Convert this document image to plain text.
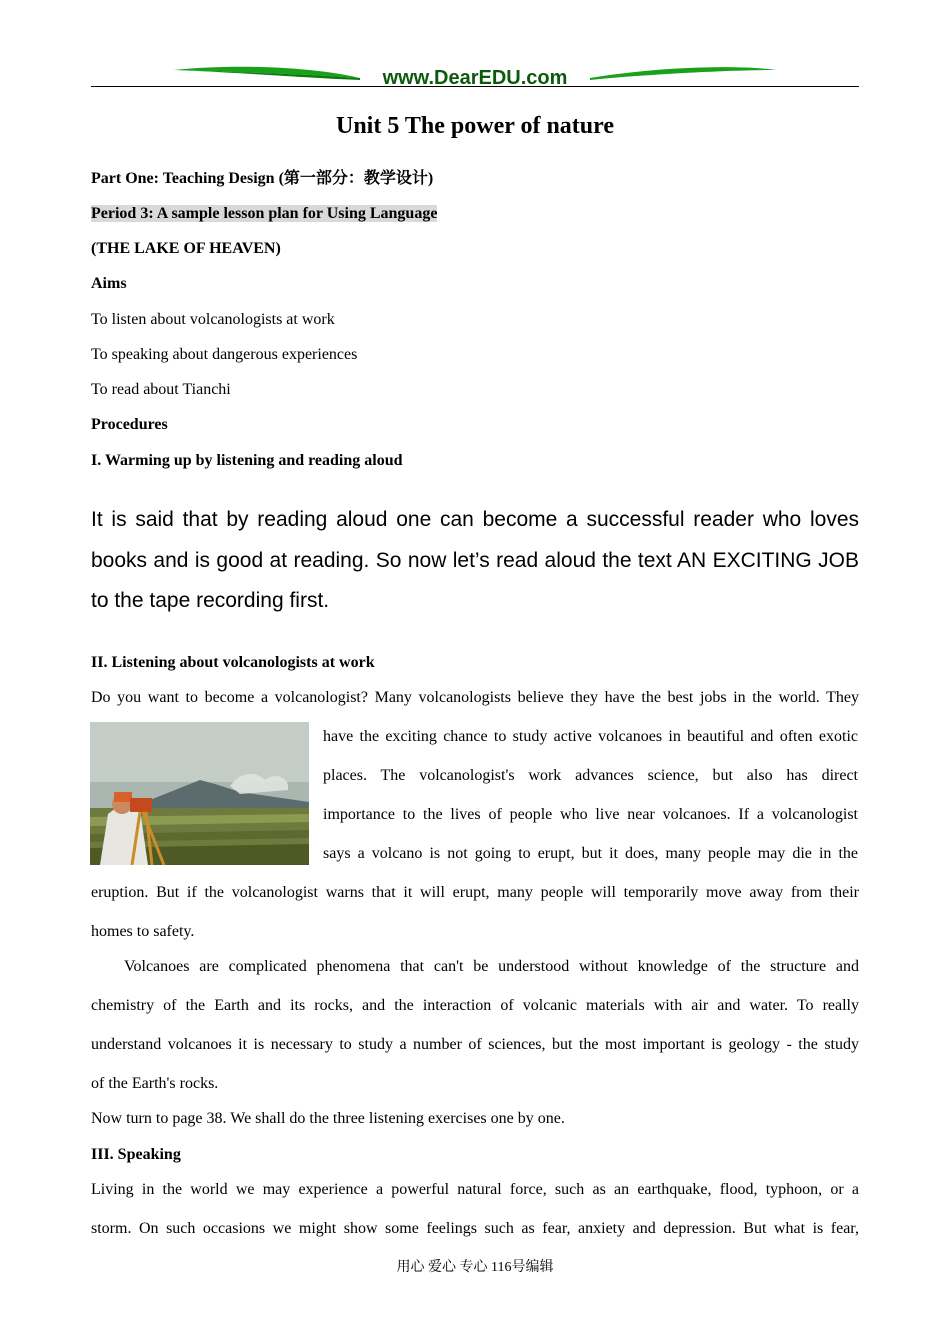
www.DearEDU.com
Unit 5 The power of nature
Part One: Teaching Design (第一部分：教学设计)
Period 3: A sample lesson plan for Using Language
(THE LAKE OF HEAVEN)
Aims
To listen about volcanologists at work
To speaking about dangerous experiences
To read about Tianchi
Procedures
I. Warming up by listening and reading aloud
It is said that by reading aloud one can become a successful reader who loves books and is good at reading. So now let’s read aloud the text AN EXCITING JOB to the tape recording first.
II. Listening about volcanologists at work
Do you want to become a volcanologist? Many volcanologists believe they have the best jobs in the world. They
have the exciting chance to study active volcanoes in beautiful and often exotic
places. The volcanologist's work advances science, but also has direct
importance to the lives of people who live near volcanoes. If a volcanologist
says a volcano is not going to erupt, but it does, many people may die in the
eruption. But if the volcanologist warns that it will erupt, many people will temporarily move away from their
homes to safety.
Volcanoes are complicated phenomena that can't be understood without knowledge of the structure and
chemistry of the Earth and its rocks, and the interaction of volcanic materials with air and water. To really
understand volcanoes it is necessary to study a number of sciences, but the most important is geology - the study
of the Earth's rocks.
Now turn to page 38. We shall do the three listening exercises one by one.
III. Speaking
Living in the world we may experience a powerful natural force, such as an earthquake, flood, typhoon, or a
storm. On such occasions we might show some feelings such as fear, anxiety and depression. But what is fear,
用心 爱心 专心 116号编辑
